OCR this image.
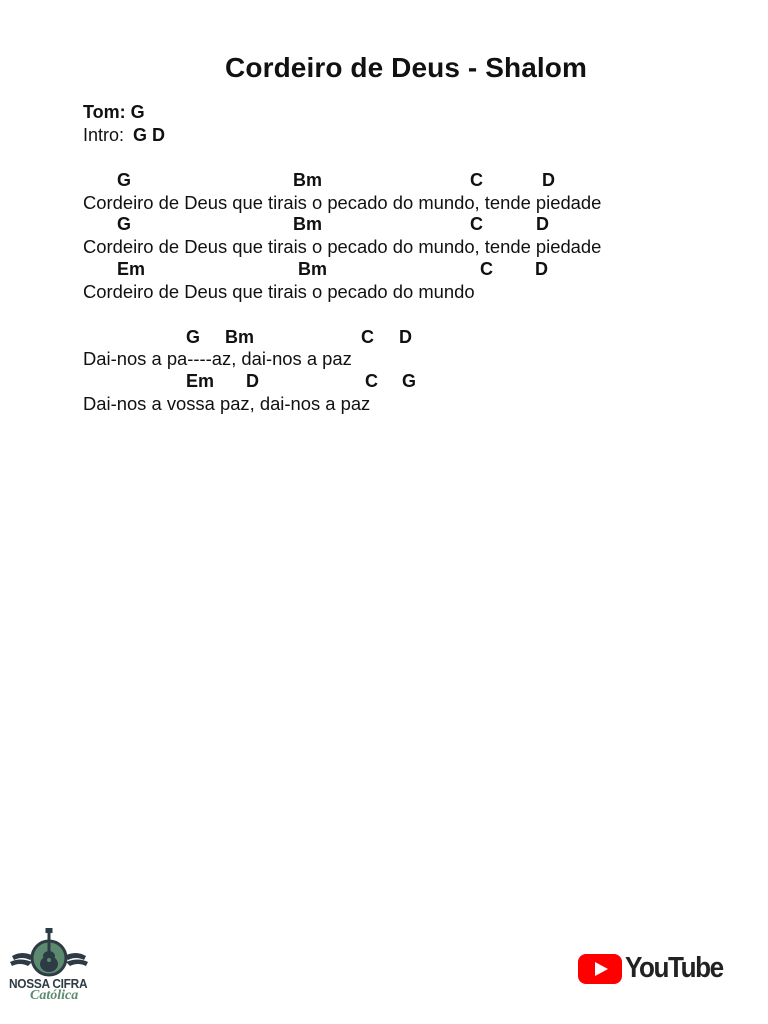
Cordeiro de Deus - Shalom
Tom: G
Intro: G D
G	Bm	C	D
Cordeiro de Deus que tirais o pecado do mundo, tende piedade
G	Bm	C	D
Cordeiro de Deus que tirais o pecado do mundo, tende piedade
Em	Bm	C D
Cordeiro de Deus que tirais o pecado do mundo
G Bm	C D
Dai-nos a pa----az, dai-nos a paz
Em D	C G
Dai-nos a vossa paz, dai-nos a paz
NOSSA CIFRA
Católica
YouTube
